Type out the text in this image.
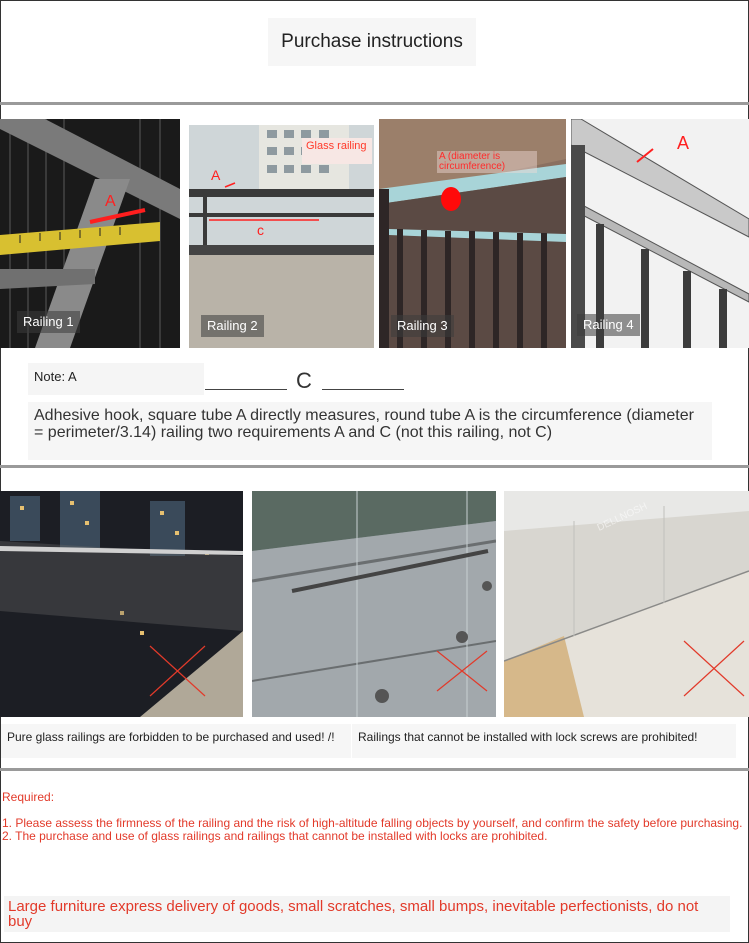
Purchase instructions
A
Railing 1
A
c
Glass railing
Railing 2
A (diameter is circumference)
Railing 3
A
Railing 4
Note: A	C
Adhesive hook, square tube A directly measures, round tube A is the circumference (diameter = perimeter/3.14) railing two requirements A and C (not this railing, not C)
DELLNOSH
Pure glass railings are forbidden to be purchased and used! /!	Railings that cannot be installed with lock screws are prohibited!
Required:
1. Please assess the firmness of the railing and the risk of high-altitude falling objects by yourself, and confirm the safety before purchasing. 2. The purchase and use of glass railings and railings that cannot be installed with locks are prohibited.
Large furniture express delivery of goods, small scratches, small bumps, inevitable perfectionists, do not buy
